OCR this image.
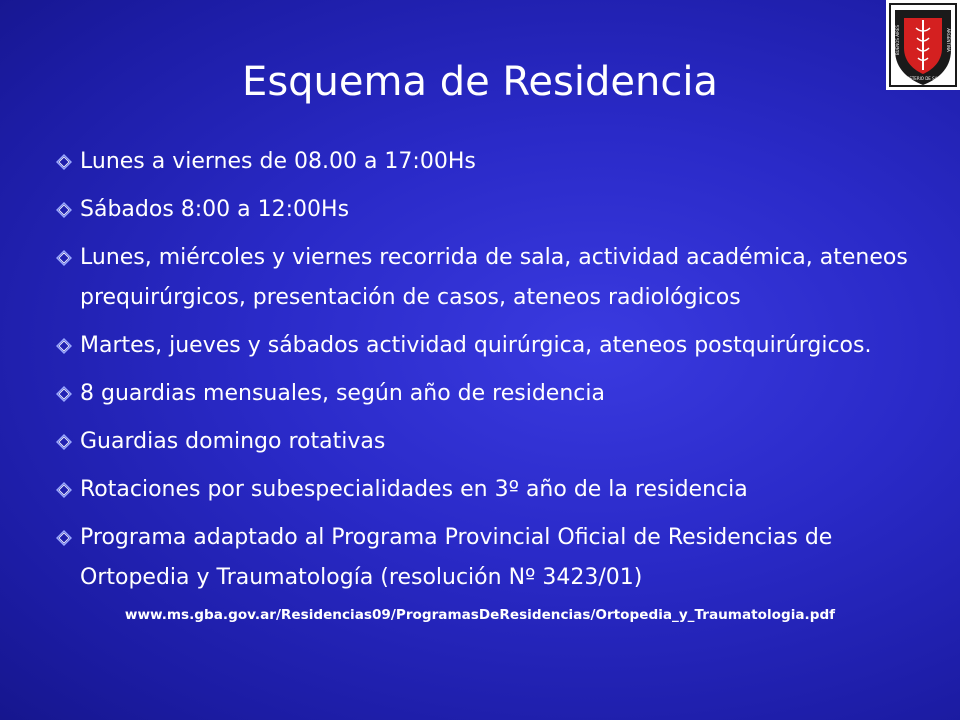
HOSPITAL EVA PERON
BUENOS AIRES	ARGENTINA
MINISTERIO DE SALUD
Esquema de Residencia
Lunes a viernes de 08.00 a 17:00Hs
Sábados 8:00 a 12:00Hs
Lunes, miércoles y viernes recorrida de sala, actividad académica, ateneos prequirúrgicos, presentación de casos, ateneos radiológicos
Martes, jueves y sábados actividad quirúrgica, ateneos postquirúrgicos.
8 guardias mensuales, según año de residencia
Guardias domingo rotativas
Rotaciones por subespecialidades en 3º año de la residencia
Programa adaptado al Programa Provincial Oficial de Residencias de Ortopedia y Traumatología (resolución Nº 3423/01)
www.ms.gba.gov.ar/Residencias09/ProgramasDeResidencias/Ortopedia_y_Traumatologia.pdf
